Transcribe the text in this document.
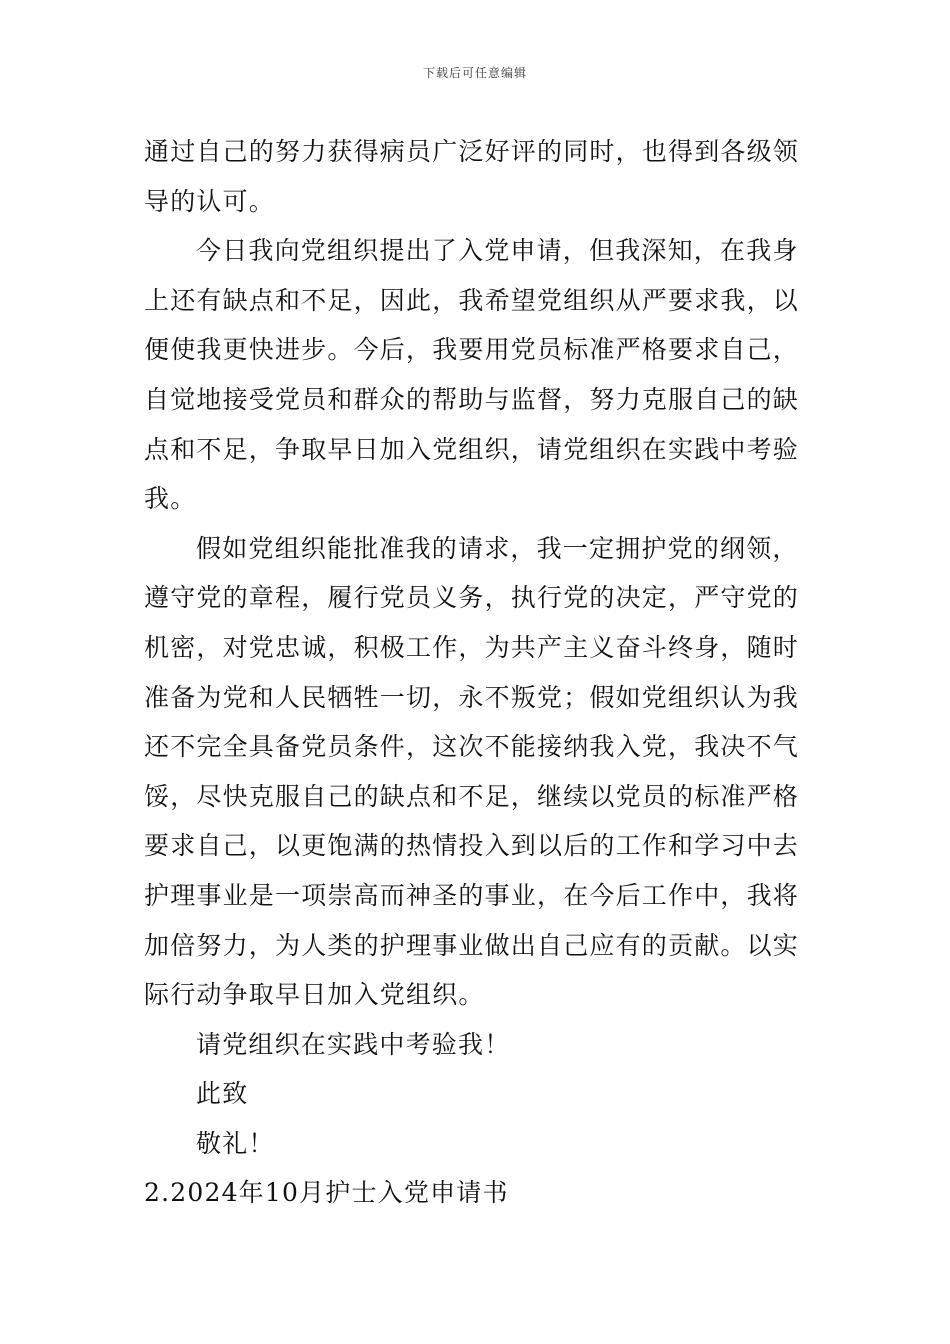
下载后可任意编辑
通过自己的努力获得病员广泛好评的同时，也得到各级领
导的认可。
今日我向党组织提出了入党申请，但我深知，在我身
上还有缺点和不足，因此，我希望党组织从严要求我，以
便使我更快进步。今后，我要用党员标准严格要求自己，
自觉地接受党员和群众的帮助与监督，努力克服自己的缺
点和不足，争取早日加入党组织，请党组织在实践中考验
我。
假如党组织能批准我的请求，我一定拥护党的纲领，
遵守党的章程，履行党员义务，执行党的决定，严守党的
机密，对党忠诚，积极工作，为共产主义奋斗终身，随时
准备为党和人民牺牲一切，永不叛党；假如党组织认为我
还不完全具备党员条件，这次不能接纳我入党，我决不气
馁，尽快克服自己的缺点和不足，继续以党员的标准严格
要求自己，以更饱满的热情投入到以后的工作和学习中去
护理事业是一项崇高而神圣的事业，在今后工作中，我将
加倍努力，为人类的护理事业做出自己应有的贡献。以实
际行动争取早日加入党组织。
请党组织在实践中考验我！
此致
敬礼！
2.2024年10月护士入党申请书
